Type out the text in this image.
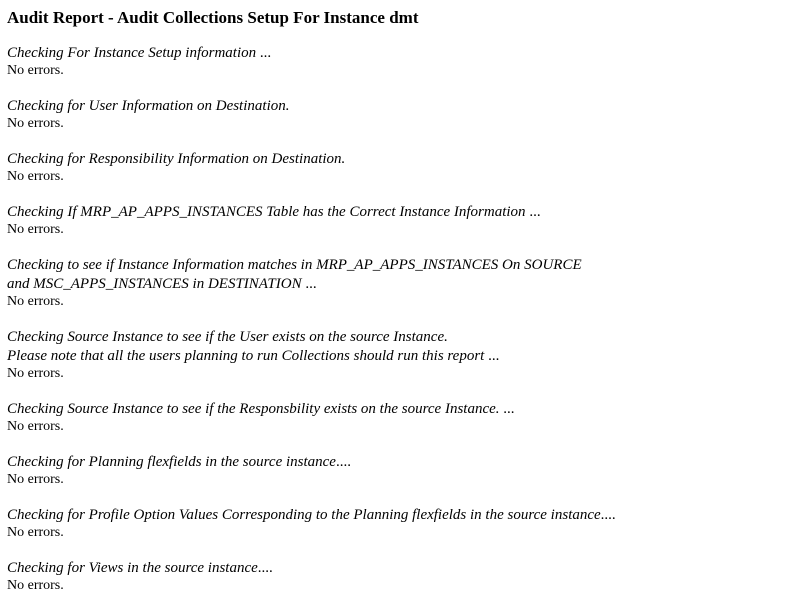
Audit Report - Audit Collections Setup For Instance dmt
Checking For Instance Setup information ...
No errors.
Checking for User Information on Destination.
No errors.
Checking for Responsibility Information on Destination.
No errors.
Checking If MRP_AP_APPS_INSTANCES Table has the Correct Instance Information ...
No errors.
Checking to see if Instance Information matches in MRP_AP_APPS_INSTANCES On SOURCE
and MSC_APPS_INSTANCES in DESTINATION ...
No errors.
Checking Source Instance to see if the User exists on the source Instance.
Please note that all the users planning to run Collections should run this report ...
No errors.
Checking Source Instance to see if the Responsbility exists on the source Instance. ...
No errors.
Checking for Planning flexfields in the source instance....
No errors.
Checking for Profile Option Values Corresponding to the Planning flexfields in the source instance....
No errors.
Checking for Views in the source instance....
No errors.
